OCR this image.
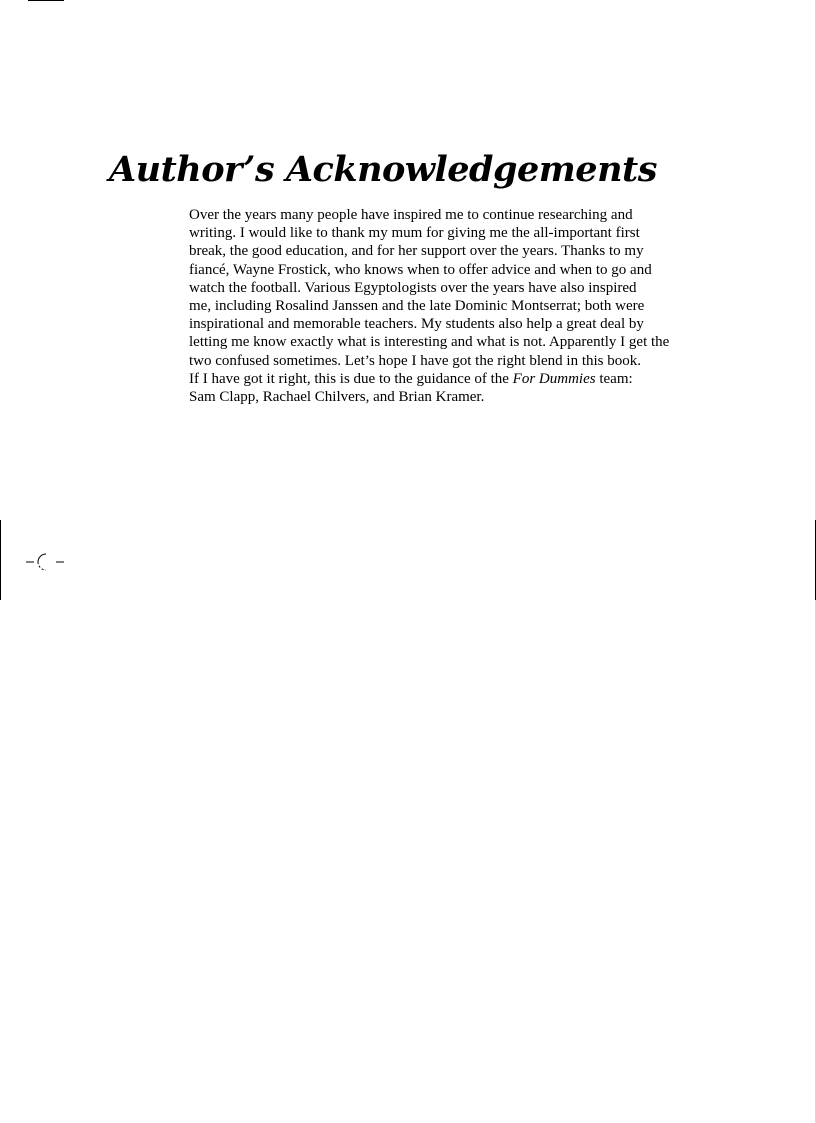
Author’s Acknowledgements

Over the years many people have inspired me to continue researching and
writing. I would like to thank my mum for giving me the all-important first
break, the good education, and for her support over the years. Thanks to my
fiancé, Wayne Frostick, who knows when to offer advice and when to go and
watch the football. Various Egyptologists over the years have also inspired
me, including Rosalind Janssen and the late Dominic Montserrat; both were
inspirational and memorable teachers. My students also help a great deal by
letting me know exactly what is interesting and what is not. Apparently I get the
two confused sometimes. Let’s hope I have got the right blend in this book.
If I have got it right, this is due to the guidance of the For Dummies team:
Sam Clapp, Rachael Chilvers, and Brian Kramer.
